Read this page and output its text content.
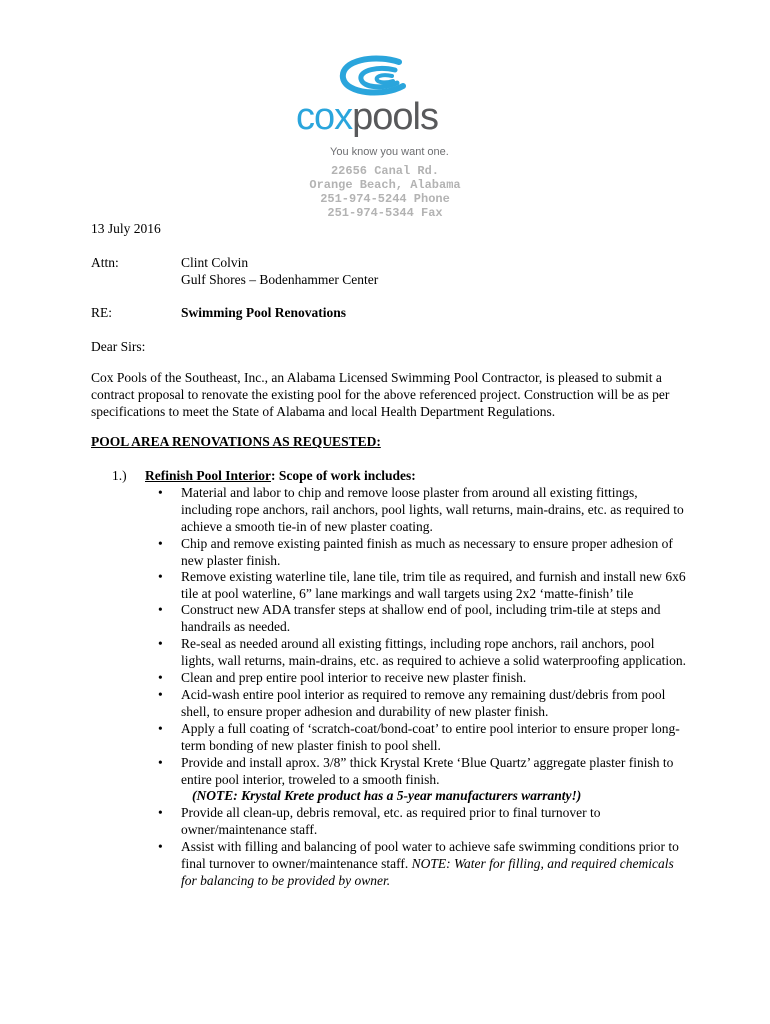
coxpools
You know you want one.
22656 Canal Rd.
Orange Beach, Alabama
251-974-5244 Phone
251-974-5344 Fax
13 July 2016
Attn:	Clint Colvin
Gulf Shores – Bodenhammer Center
RE:	Swimming Pool Renovations
Dear Sirs:
Cox Pools of the Southeast, Inc., an Alabama Licensed Swimming Pool Contractor, is pleased to submit a contract proposal to renovate the existing pool for the above referenced project. Construction will be as per specifications to meet the State of Alabama and local Health Department Regulations.
POOL AREA RENOVATIONS AS REQUESTED:
1.) Refinish Pool Interior: Scope of work includes:
• Material and labor to chip and remove loose plaster from around all existing fittings, including rope anchors, rail anchors, pool lights, wall returns, main-drains, etc. as required to achieve a smooth tie-in of new plaster coating.
• Chip and remove existing painted finish as much as necessary to ensure proper adhesion of new plaster finish.
• Remove existing waterline tile, lane tile, trim tile as required, and furnish and install new 6x6 tile at pool waterline, 6” lane markings and wall targets using 2x2 ‘matte-finish’ tile
• Construct new ADA transfer steps at shallow end of pool, including trim-tile at steps and handrails as needed.
• Re-seal as needed around all existing fittings, including rope anchors, rail anchors, pool lights, wall returns, main-drains, etc. as required to achieve a solid waterproofing application.
• Clean and prep entire pool interior to receive new plaster finish.
• Acid-wash entire pool interior as required to remove any remaining dust/debris from pool shell, to ensure proper adhesion and durability of new plaster finish.
• Apply a full coating of ‘scratch-coat/bond-coat’ to entire pool interior to ensure proper long-term bonding of new plaster finish to pool shell.
• Provide and install aprox. 3/8” thick Krystal Krete ‘Blue Quartz’ aggregate plaster finish to entire pool interior, troweled to a smooth finish.
(NOTE: Krystal Krete product has a 5-year manufacturers warranty!)
• Provide all clean-up, debris removal, etc. as required prior to final turnover to owner/maintenance staff.
• Assist with filling and balancing of pool water to achieve safe swimming conditions prior to final turnover to owner/maintenance staff. NOTE: Water for filling, and required chemicals for balancing to be provided by owner.
